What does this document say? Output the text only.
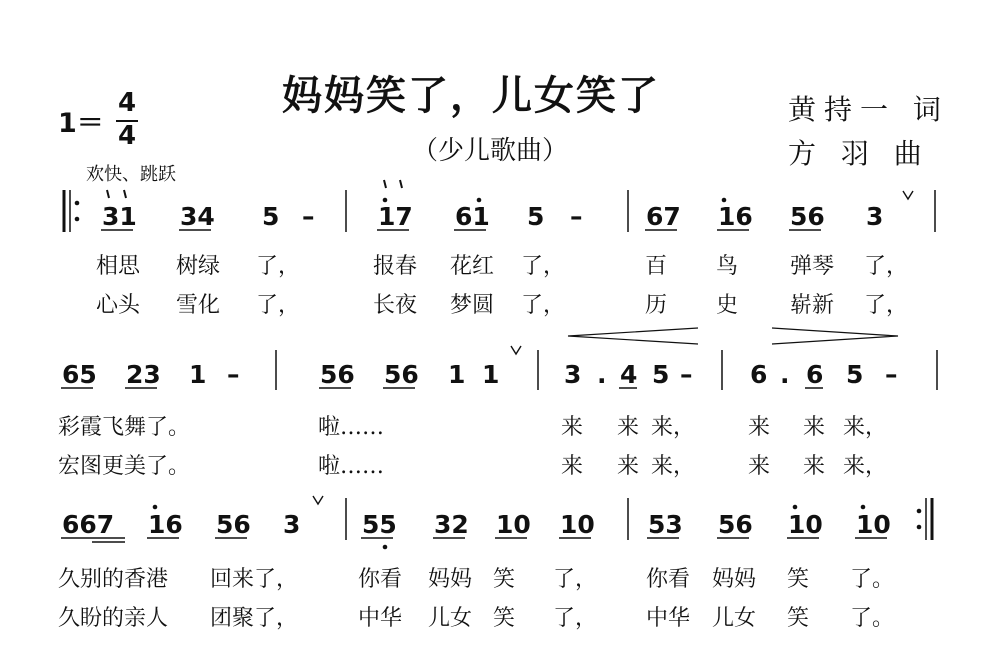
妈妈笑了，儿女笑了
（少儿歌曲）
黄持一 词
方 羽 曲
1＝
4
4
欢快、跳跃
31 34 5 –	17 61 5 –	67 16 56 3
65 23 1 –	56 56 1 1	3 . 4 5 – 6 . 6 5 –
667 16 56 3 55 32 10 10 53 56 10 10
相思 树绿 了，	报春 花红 了，	百 鸟 弹琴 了，
心头 雪化 了，	长夜 梦圆 了，	历 史 崭新 了，
彩霞飞舞了。	啦……	来 来 来， 来 来 来，
宏图更美了。	啦……	来 来 来， 来 来 来，
久别的香港 回来了，	你看 妈妈 笑 了， 你看 妈妈 笑 了。
久盼的亲人 团聚了，	中华 儿女 笑 了， 中华 儿女 笑 了。
